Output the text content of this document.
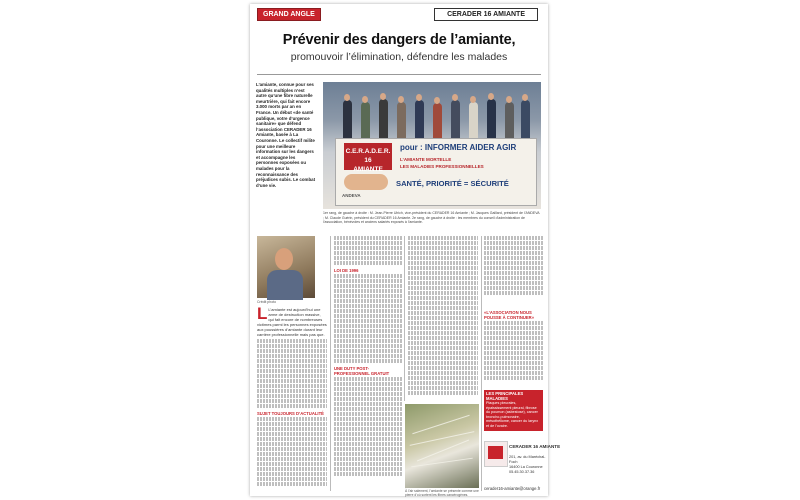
GRAND ANGLE	CERADER 16 AMIANTE
Prévenir des dangers de l’amiante,
promouvoir l’élimination, défendre les malades
L’amiante, connue pour ses qualités multiples n’est autre qu’une fibre naturelle meurtrière, qui fait encore 3.000 morts par an en France. Un début «de santé publique, votre d’urgence sanitaire» que défend l’association CERADER 16 Amiante, basée à La Couronne. Le collectif milite pour une meilleure information sur les dangers et accompagne les personnes exposées ou malades pour la reconnaissance des préjudices subis. Le combat d’une vie.
C.E.R.A.D.E.R. 16
AMIANTE
pour : INFORMER AIDER AGIR
L’AMIANTE MORTELLE
LES MALADIES PROFESSIONNELLES
SANTÉ, PRIORITÉ = SÉCURITÉ
ANDEVA
1er rang, de gauche à droite : M. Jean-Pierre Ulrich, vice-président du CERADER 16 Amiante ; M. Jacques Gaillard, président de l’ANDEVA ; M. Claude Guérin, président du CERADER 16 Amiante. 2e rang, de gauche à droite : les membres du conseil d’administration de l’association, bénévoles et anciens salariés exposés à l’amiante.
Crédit photo

L L’amiante est aujourd’hui une arme de destruction massive, qui fait encore de nombreuses victimes parmi les personnes exposées aux poussières d’amiante durant leur carrière professionnelle mais pas que.

SUJET TOUJOURS D’ACTUALITÉ
LOI DE 1996
UNE DUTY POST-PROFESSIONNEL GRATUIT
À l’air salement, l’amiante se présente comme une pierre d’où sortent les fibres cancérogènes.
«L’ASSOCIATION NOUS POUSSE À CONTINUER»
LES PRINCIPALES MALADIES
Plaques pleurales, épaississement pleural, fibrose du poumon (asbestose), cancer broncho-pulmonaire, mésothéliome, cancer du larynx et de l’ovaire.
CERADER 16 AMIANTE
201, av. du Maréchal-Foch
16400 La Couronne
05.45.30.37.36
cerader16-amiante@orange.fr
